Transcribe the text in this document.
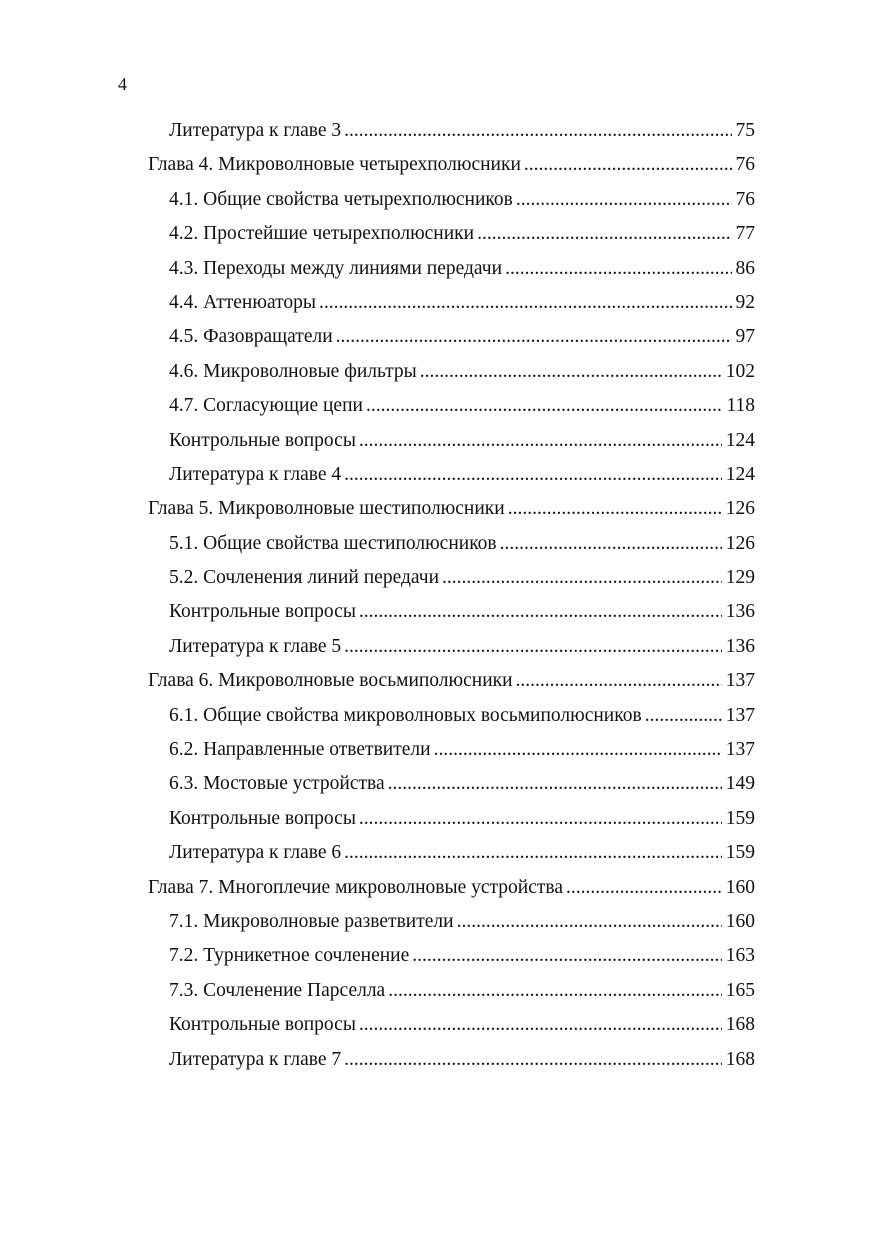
4
Литература к главе 3 .....	75
Глава 4. Микроволновые четырехполюсники .....	76
4.1. Общие свойства четырехполюсников .....	76
4.2. Простейшие четырехполюсники .....	77
4.3. Переходы между линиями передачи .....	86
4.4. Аттенюаторы .....	92
4.5. Фазовращатели .....	97
4.6. Микроволновые фильтры .....	102
4.7. Согласующие цепи .....	118
Контрольные вопросы .....	124
Литература к главе 4 .....	124
Глава 5. Микроволновые шестиполюсники .....	126
5.1. Общие свойства шестиполюсников .....	126
5.2. Сочленения линий передачи .....	129
Контрольные вопросы .....	136
Литература к главе 5 .....	136
Глава 6. Микроволновые восьмиполюсники .....	137
6.1. Общие свойства микроволновых восьмиполюсников .....	137
6.2. Направленные ответвители .....	137
6.3. Мостовые устройства .....	149
Контрольные вопросы .....	159
Литература к главе 6 .....	159
Глава 7. Многоплечие микроволновые устройства .....	160
7.1. Микроволновые разветвители .....	160
7.2. Турникетное сочленение .....	163
7.3. Сочленение Парселла .....	165
Контрольные вопросы .....	168
Литература к главе 7 .....	168
